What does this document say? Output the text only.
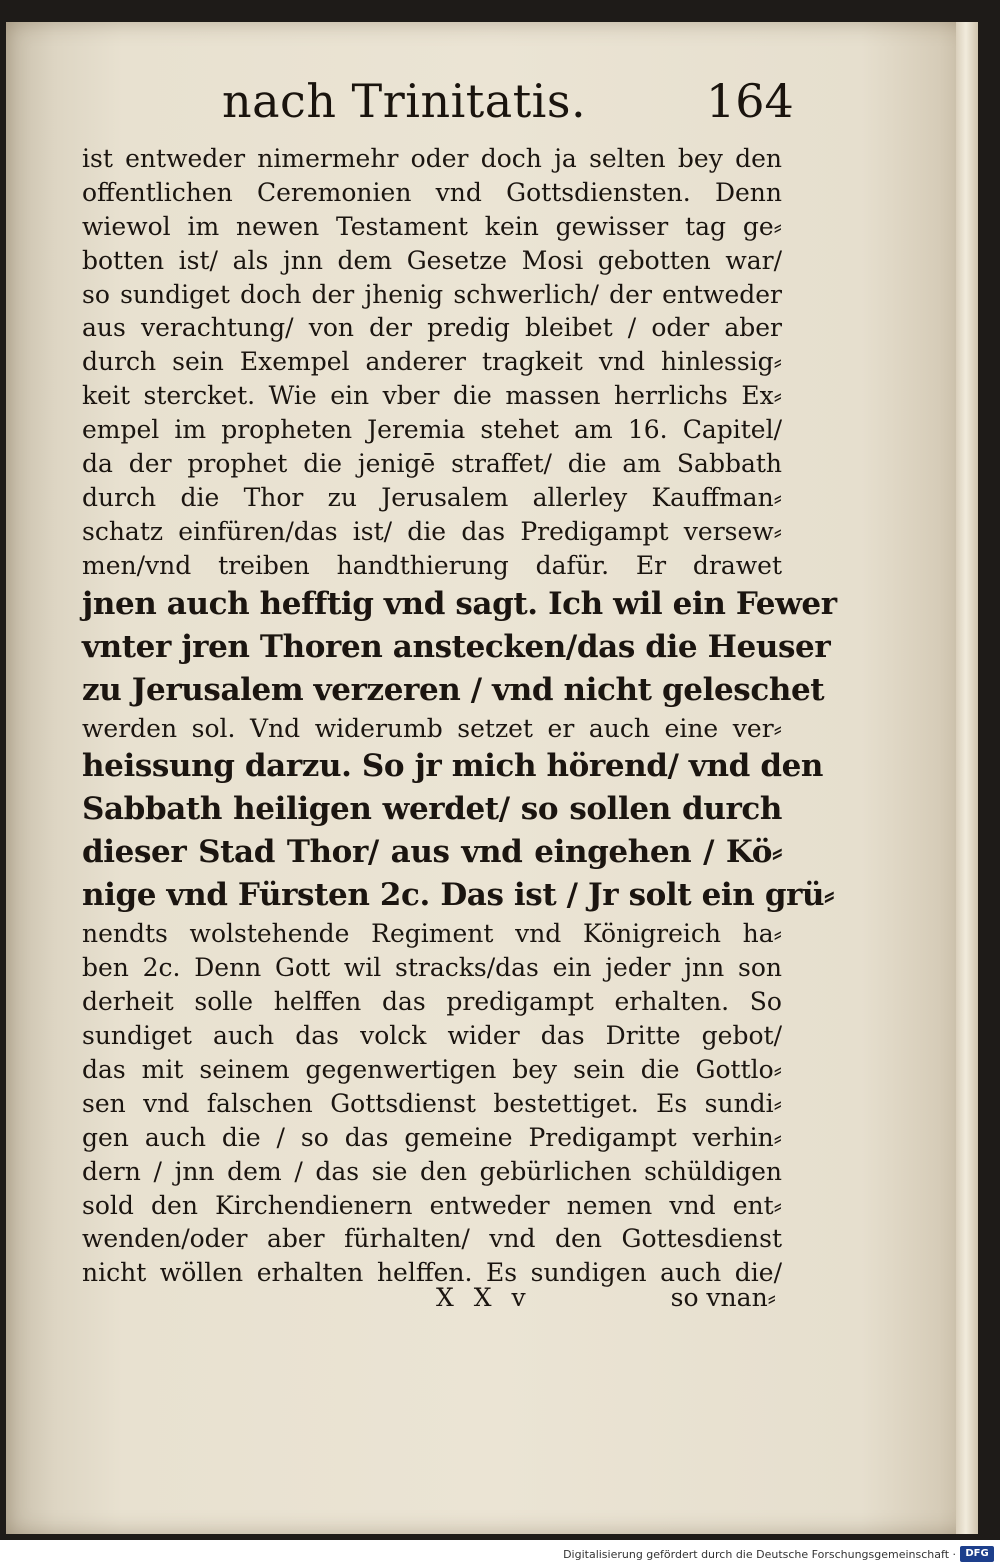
nach Trinitatis.	164
ist entweder nimermehr oder doch ja selten bey den
offentlichen Ceremonien vnd Gottsdiensten. Denn
wiewol im newen Testament kein gewisser tag ge⸗
botten ist/ als jnn dem Gesetze Mosi gebotten war/
so sundiget doch der jhenig schwerlich/ der entweder
aus verachtung/ von der predig bleibet / oder aber
durch sein Exempel anderer tragkeit vnd hinlessig⸗
keit stercket. Wie ein vber die massen herrlichs Ex⸗
empel im propheten Jeremia stehet am 16. Capitel/
da der prophet die jenigē straffet/ die am Sabbath
durch die Thor zu Jerusalem allerley Kauffman⸗
schatz einfüren/das ist/ die das Predigampt versew⸗
men/vnd treiben handthierung dafür. Er drawet
jnen auch hefftig vnd sagt. Ich wil ein Fewer
vnter jren Thoren anstecken/das die Heuser
zu Jerusalem verzeren / vnd nicht geleschet
werden sol. Vnd widerumb setzet er auch eine ver⸗
heissung darzu. So jr mich hörend/ vnd den
Sabbath heiligen werdet/ so sollen durch
dieser Stad Thor/ aus vnd eingehen / Kö⸗
nige vnd Fürsten 2c. Das ist / Jr solt ein grü⸗
nendts wolstehende Regiment vnd Königreich ha⸗
ben 2c. Denn Gott wil stracks/das ein jeder jnn son
derheit solle helffen das predigampt erhalten. So
sundiget auch das volck wider das Dritte gebot/
das mit seinem gegenwertigen bey sein die Gottlo⸗
sen vnd falschen Gottsdienst bestettiget. Es sundi⸗
gen auch die / so das gemeine Predigampt verhin⸗
dern / jnn dem / das sie den gebürlichen schüldigen
sold den Kirchendienern entweder nemen vnd ent⸗
wenden/oder aber fürhalten/ vnd den Gottesdienst
nicht wöllen erhalten helffen. Es sundigen auch die/
X X v	so vnan⸗
Digitalisierung gefördert durch die Deutsche Forschungsgemeinschaft · DFG
